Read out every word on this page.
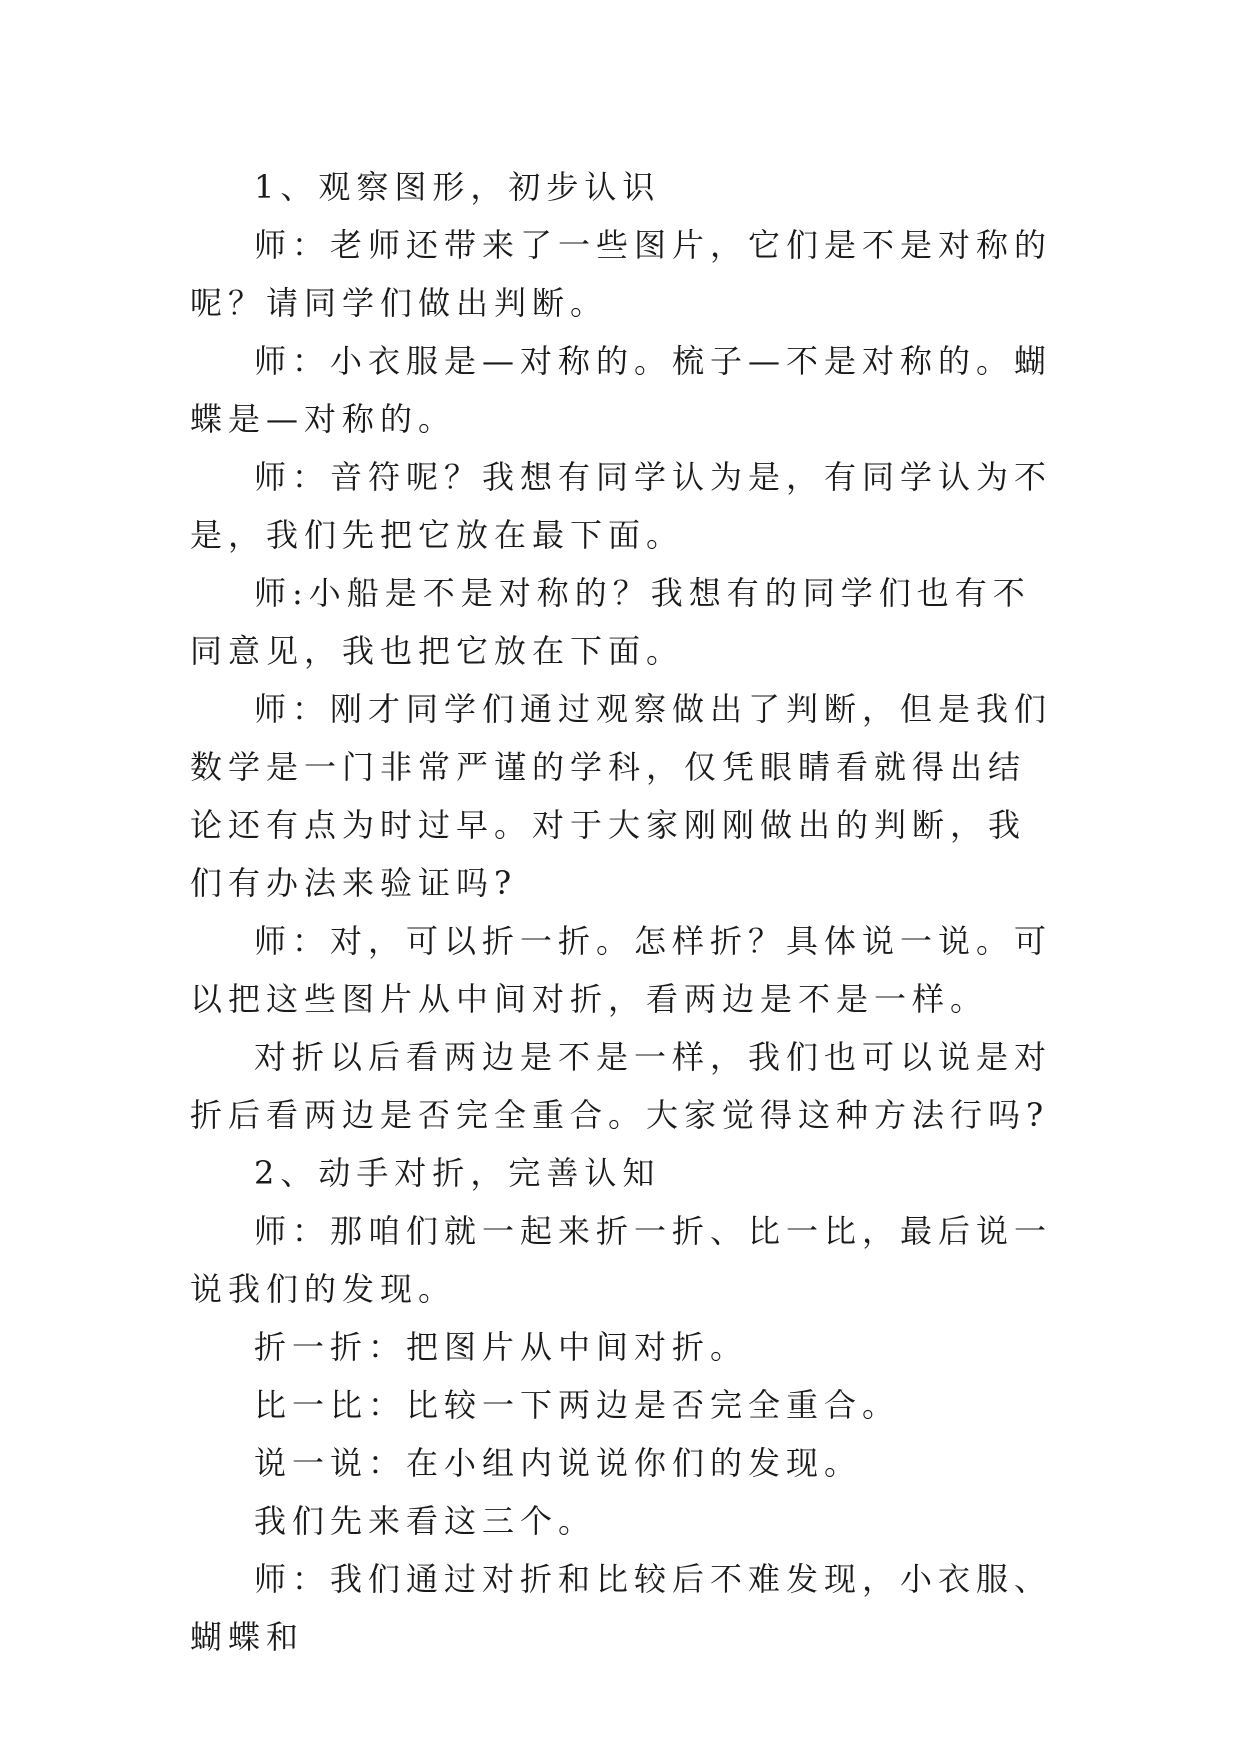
1、观察图形，初步认识

师：老师还带来了一些图片，它们是不是对称的呢？请同学们做出判断。

师：小衣服是—对称的。梳子—不是对称的。蝴蝶是—对称的。

师：音符呢？我想有同学认为是，有同学认为不是，我们先把它放在最下面。

师:小船是不是对称的？我想有的同学们也有不同意见，我也把它放在下面。

师：刚才同学们通过观察做出了判断，但是我们数学是一门非常严谨的学科，仅凭眼睛看就得出结论还有点为时过早。对于大家刚刚做出的判断，我们有办法来验证吗?

师：对，可以折一折。怎样折？具体说一说。可以把这些图片从中间对折，看两边是不是一样。

对折以后看两边是不是一样，我们也可以说是对折后看两边是否完全重合。大家觉得这种方法行吗?

2、动手对折，完善认知

师：那咱们就一起来折一折、比一比，最后说一说我们的发现。

折一折：把图片从中间对折。

比一比：比较一下两边是否完全重合。

说一说：在小组内说说你们的发现。

我们先来看这三个。

师：我们通过对折和比较后不难发现，小衣服、蝴蝶和
